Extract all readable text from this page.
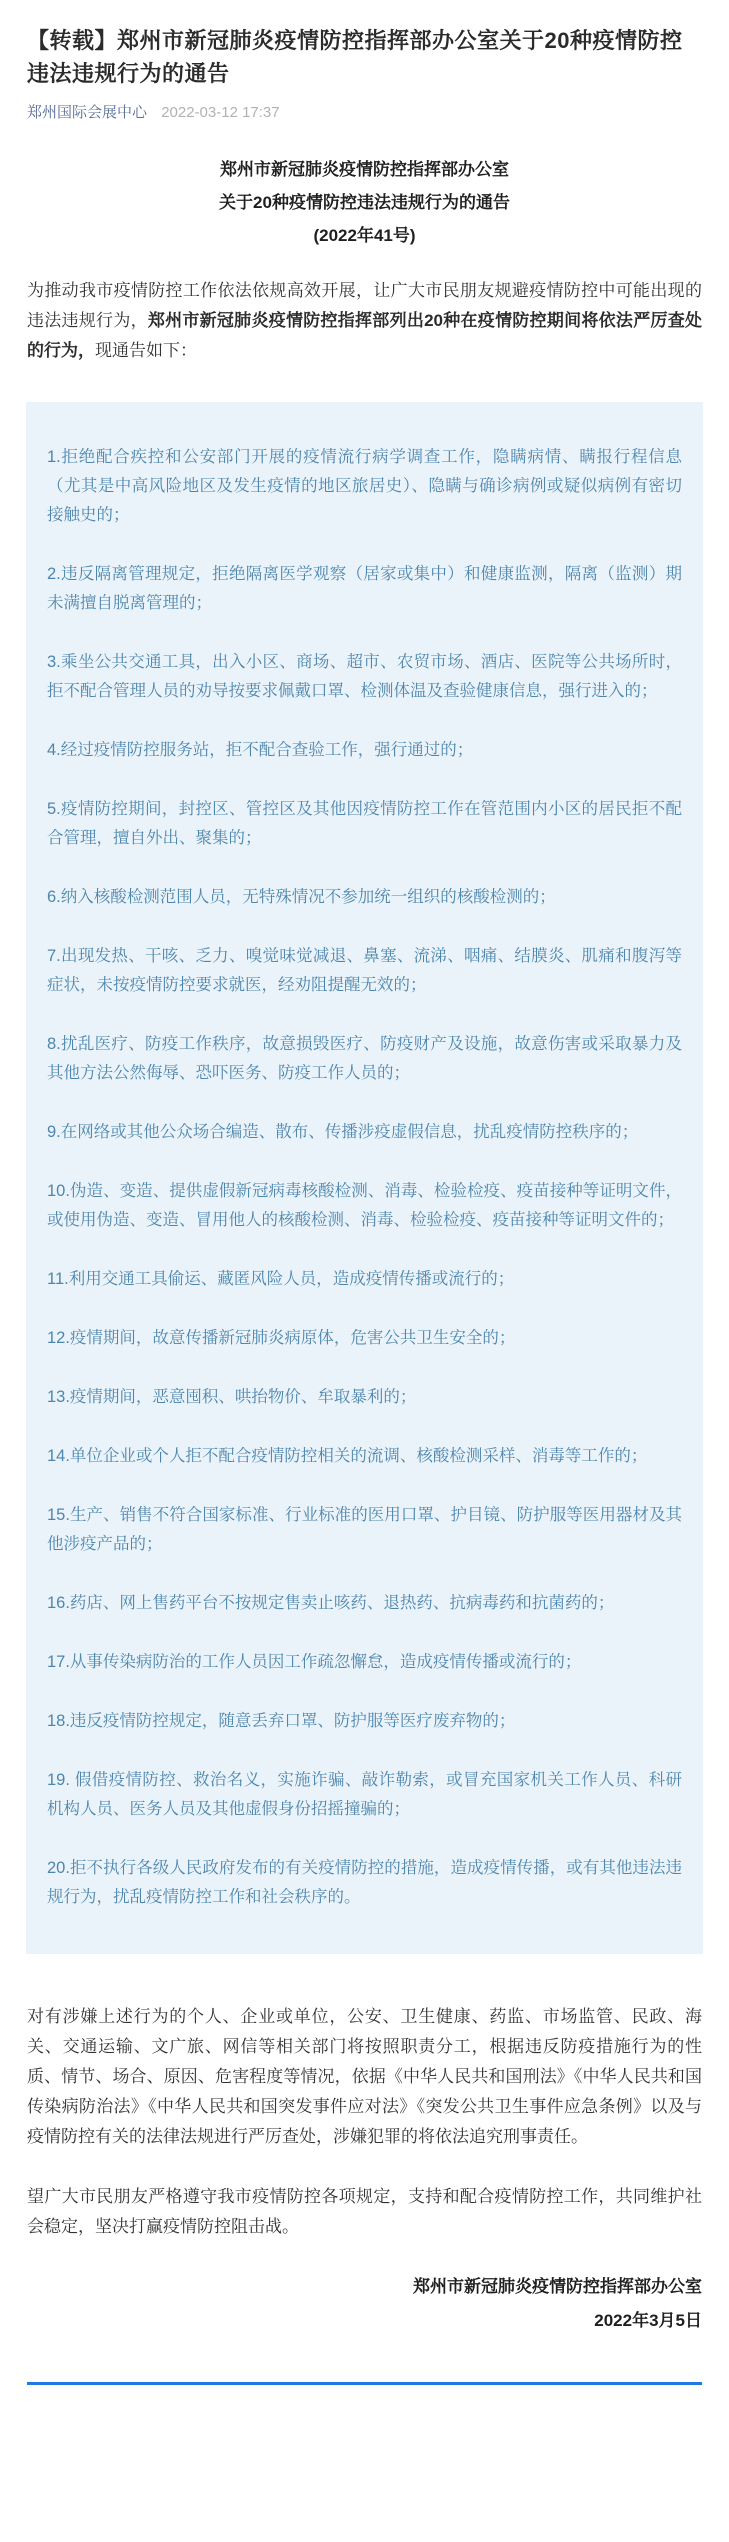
【转载】郑州市新冠肺炎疫情防控指挥部办公室关于20种疫情防控违法违规行为的通告
郑州国际会展中心 2022-03-12 17:37

郑州市新冠肺炎疫情防控指挥部办公室

关于20种疫情防控违法违规行为的通告

(2022年41号)

为推动我市疫情防控工作依法依规高效开展，让广大市民朋友规避疫情防控中可能出现的违法违规行为，郑州市新冠肺炎疫情防控指挥部列出20种在疫情防控期间将依法严厉查处的行为，现通告如下：

1.拒绝配合疾控和公安部门开展的疫情流行病学调查工作，隐瞒病情、瞒报行程信息（尤其是中高风险地区及发生疫情的地区旅居史）、隐瞒与确诊病例或疑似病例有密切接触史的；

2.违反隔离管理规定，拒绝隔离医学观察（居家或集中）和健康监测，隔离（监测）期未满擅自脱离管理的；

3.乘坐公共交通工具，出入小区、商场、超市、农贸市场、酒店、医院等公共场所时，拒不配合管理人员的劝导按要求佩戴口罩、检测体温及查验健康信息，强行进入的；

4.经过疫情防控服务站，拒不配合查验工作，强行通过的；

5.疫情防控期间，封控区、管控区及其他因疫情防控工作在管范围内小区的居民拒不配合管理，擅自外出、聚集的；

6.纳入核酸检测范围人员，无特殊情况不参加统一组织的核酸检测的；

7.出现发热、干咳、乏力、嗅觉味觉减退、鼻塞、流涕、咽痛、结膜炎、肌痛和腹泻等症状，未按疫情防控要求就医，经劝阻提醒无效的；

8.扰乱医疗、防疫工作秩序，故意损毁医疗、防疫财产及设施，故意伤害或采取暴力及其他方法公然侮辱、恐吓医务、防疫工作人员的；

9.在网络或其他公众场合编造、散布、传播涉疫虚假信息，扰乱疫情防控秩序的；

10.伪造、变造、提供虚假新冠病毒核酸检测、消毒、检验检疫、疫苗接种等证明文件，或使用伪造、变造、冒用他人的核酸检测、消毒、检验检疫、疫苗接种等证明文件的；

11.利用交通工具偷运、藏匿风险人员，造成疫情传播或流行的；

12.疫情期间，故意传播新冠肺炎病原体，危害公共卫生安全的；

13.疫情期间，恶意囤积、哄抬物价、牟取暴利的；

14.单位企业或个人拒不配合疫情防控相关的流调、核酸检测采样、消毒等工作的；

15.生产、销售不符合国家标准、行业标准的医用口罩、护目镜、防护服等医用器材及其他涉疫产品的；

16.药店、网上售药平台不按规定售卖止咳药、退热药、抗病毒药和抗菌药的；

17.从事传染病防治的工作人员因工作疏忽懈怠，造成疫情传播或流行的；

18.违反疫情防控规定，随意丢弃口罩、防护服等医疗废弃物的；

19. 假借疫情防控、救治名义，实施诈骗、敲诈勒索，或冒充国家机关工作人员、科研机构人员、医务人员及其他虚假身份招摇撞骗的；

20.拒不执行各级人民政府发布的有关疫情防控的措施，造成疫情传播，或有其他违法违规行为，扰乱疫情防控工作和社会秩序的。

对有涉嫌上述行为的个人、企业或单位，公安、卫生健康、药监、市场监管、民政、海关、交通运输、文广旅、网信等相关部门将按照职责分工，根据违反防疫措施行为的性质、情节、场合、原因、危害程度等情况，依据《中华人民共和国刑法》《中华人民共和国传染病防治法》《中华人民共和国突发事件应对法》《突发公共卫生事件应急条例》以及与疫情防控有关的法律法规进行严厉查处，涉嫌犯罪的将依法追究刑事责任。

望广大市民朋友严格遵守我市疫情防控各项规定，支持和配合疫情防控工作，共同维护社会稳定，坚决打赢疫情防控阻击战。

郑州市新冠肺炎疫情防控指挥部办公室

2022年3月5日
